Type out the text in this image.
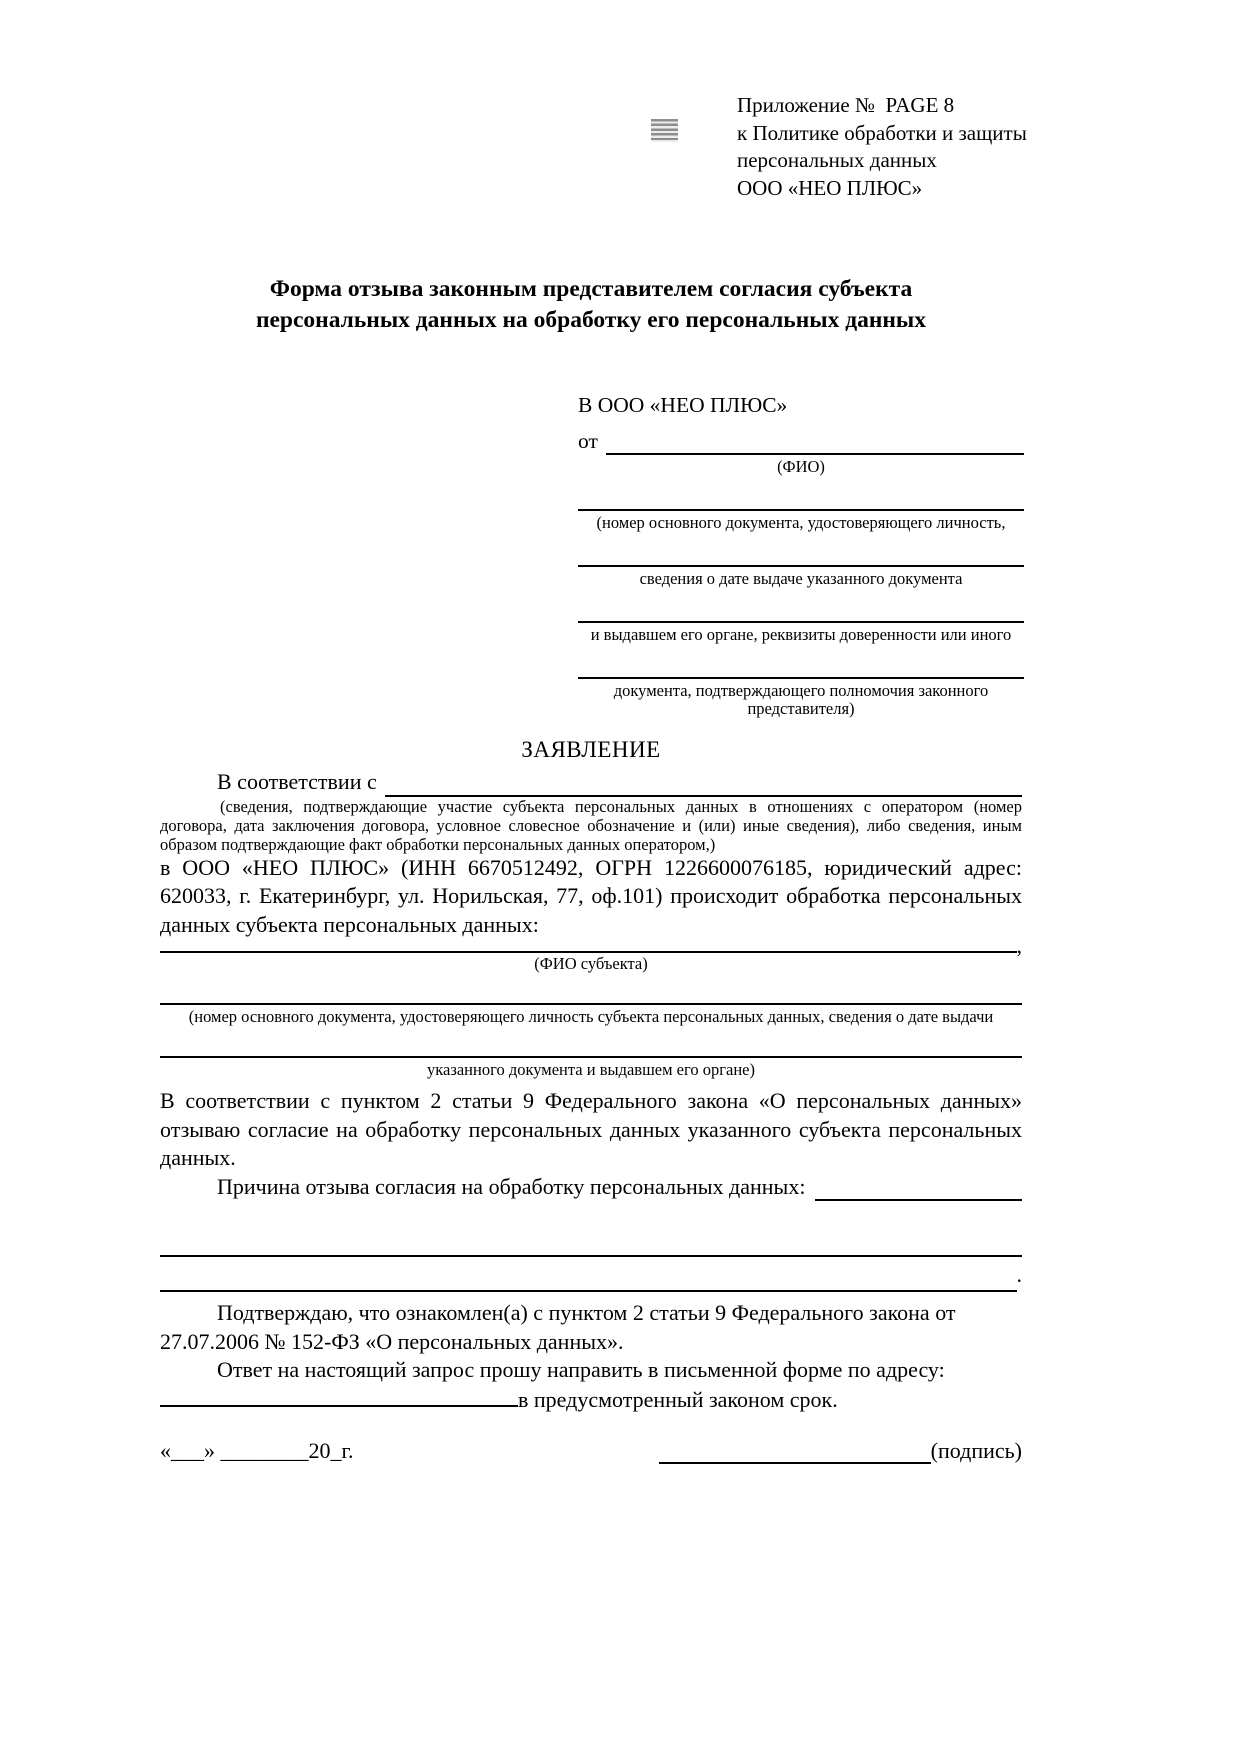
Приложение №  PAGE 8
к Политике обработки и защиты
персональных данных
ООО «НЕО ПЛЮС»
Форма отзыва законным представителем согласия субъекта
персональных данных на обработку его персональных данных
В ООО «НЕО ПЛЮС»
от
(ФИО)
(номер основного документа, удостоверяющего личность,
сведения о дате выдаче указанного документа
и выдавшем его органе, реквизиты доверенности или иного
документа, подтверждающего полномочия законного представителя)
ЗАЯВЛЕНИЕ
В соответствии с
(сведения, подтверждающие участие субъекта персональных данных в отношениях с оператором (номер договора, дата заключения договора, условное словесное обозначение и (или) иные сведения), либо сведения, иным образом подтверждающие факт обработки персональных данных оператором,)
в ООО «НЕО ПЛЮС» (ИНН 6670512492, ОГРН 1226600076185, юридический адрес: 620033, г. Екатеринбург, ул. Норильская, 77, оф.101) происходит обработка персональных данных субъекта персональных данных:
,
(ФИО субъекта)
(номер основного документа, удостоверяющего личность субъекта персональных данных, сведения о дате выдачи
указанного документа и выдавшем его органе)
В соответствии с пунктом 2 статьи 9 Федерального закона «О персональных данных» отзываю согласие на обработку персональных данных указанного субъекта персональных данных.
Причина отзыва согласия на обработку персональных данных:
.
Подтверждаю, что ознакомлен(а) с пунктом 2 статьи 9 Федерального закона от 27.07.2006 № 152-ФЗ «О персональных данных».
Ответ на настоящий запрос прошу направить в письменной форме по адресу:
в предусмотренный законом срок.
«___» ________20_г.	(подпись)
